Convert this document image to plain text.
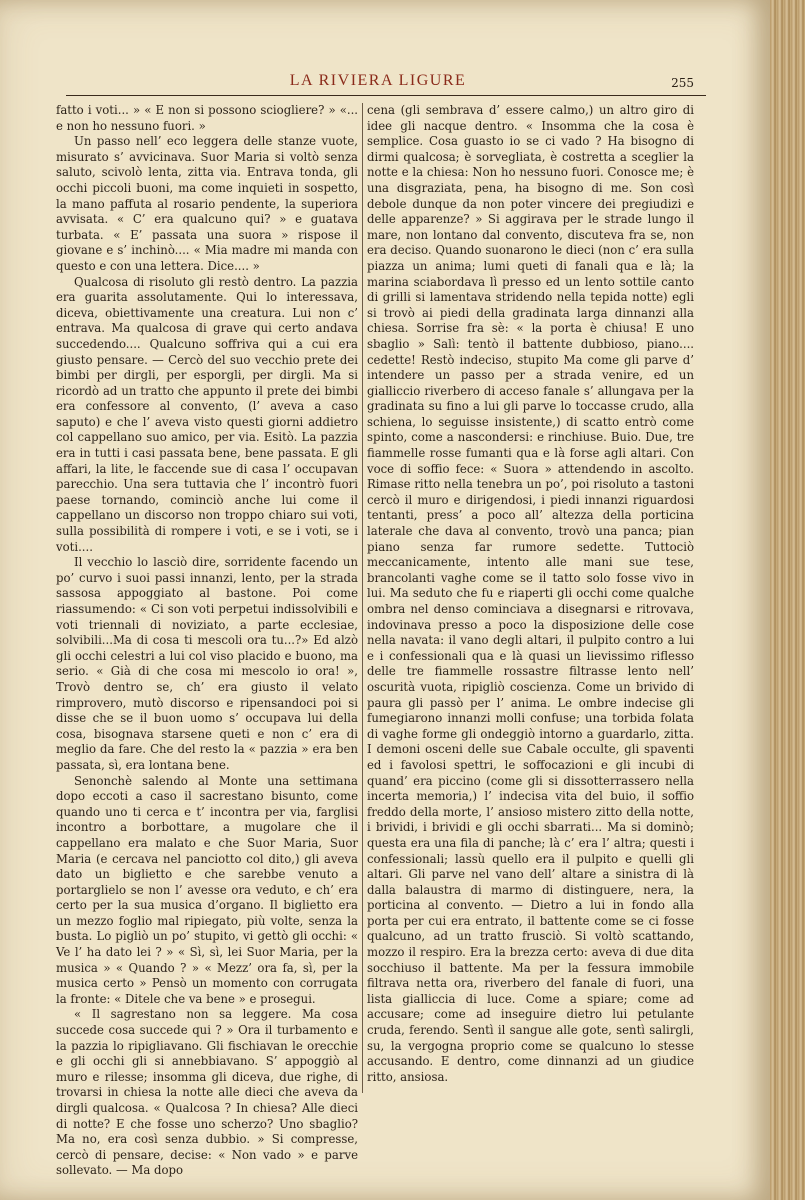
LA RIVIERA LIGURE	255

fatto i voti... » « E non si possono sciogliere? » «... e non ho nessuno fuori. »

Un passo nell’ eco leggera delle stanze vuote, misurato s’ avvicinava. Suor Maria si voltò senza saluto, scivolò lenta, zitta via. Entrava tonda, gli occhi piccoli buoni, ma come inquieti in sospetto, la mano paffuta al rosario pendente, la superiora avvisata. « C’ era qualcuno qui? » e guatava turbata. « E’ passata una suora » rispose il giovane e s’ inchinò.... « Mia madre mi manda con questo e con una lettera. Dice.... »

Qualcosa di risoluto gli restò dentro. La pazzia era guarita assolutamente. Qui lo interessava, diceva, obiettivamente una creatura. Lui non c’ entrava. Ma qualcosa di grave qui certo andava succedendo.... Qualcuno soffriva qui a cui era giusto pensare. — Cercò del suo vecchio prete dei bimbi per dirgli, per esporgli, per dirgli. Ma si ricordò ad un tratto che appunto il prete dei bimbi era confessore al convento, (l’ aveva a caso saputo) e che l’ aveva visto questi giorni addietro col cappellano suo amico, per via. Esitò. La pazzia era in tutti i casi passata bene, bene passata. E gli affari, la lite, le faccende sue di casa l’ occupavan parecchio. Una sera tuttavia che l’ incontrò fuori paese tornando, cominciò anche lui come il cappellano un discorso non troppo chiaro sui voti, sulla possibilità di rompere i voti, e se i voti, se i voti....

Il vecchio lo lasciò dire, sorridente facendo un po’ curvo i suoi passi innanzi, lento, per la strada sassosa appoggiato al bastone. Poi come riassumendo: « Ci son voti perpetui indissolvibili e voti triennali di noviziato, a parte ecclesiae, solvibili...Ma di cosa ti mescoli ora tu...?» Ed alzò gli occhi celestri a lui col viso placido e buono, ma serio. « Già di che cosa mi mescolo io ora! », Trovò dentro se, ch’ era giusto il velato rimprovero, mutò discorso e ripensandoci poi si disse che se il buon uomo s’ occupava lui della cosa, bisognava starsene queti e non c’ era di meglio da fare. Che del resto la « pazzia » era ben passata, sì, era lontana bene.

Senonchè salendo al Monte una settimana dopo eccoti a caso il sacrestano bisunto, come quando uno ti cerca e t’ incontra per via, farglisi incontro a borbottare, a mugolare che il cappellano era malato e che Suor Maria, Suor Maria (e cercava nel panciotto col dito,) gli aveva dato un biglietto e che sarebbe venuto a portarglielo se non l’ avesse ora veduto, e ch’ era certo per la sua musica d’organo. Il biglietto era un mezzo foglio mal ripiegato, più volte, senza la busta. Lo pigliò un po’ stupito, vi gettò gli occhi: « Ve l’ ha dato lei ? » « Sì, sì, lei Suor Maria, per la musica » « Quando ? » « Mezz’ ora fa, sì, per la musica certo » Pensò un momento con corrugata la fronte: « Ditele che va bene » e prosegui.

« Il sagrestano non sa leggere. Ma cosa succede cosa succede qui ? » Ora il turbamento e la pazzia lo ripigliavano. Gli fischiavan le orecchie e gli occhi gli si annebbiavano. S’ appoggiò al muro e rilesse; insomma gli diceva, due righe, di trovarsi in chiesa la notte alle dieci che aveva da dirgli qualcosa. « Qualcosa ? In chiesa? Alle dieci di notte? E che fosse uno scherzo? Uno sbaglio? Ma no, era così senza dubbio. » Si compresse, cercò di pensare, decise: « Non vado » e parve sollevato. — Ma dopo

cena (gli sembrava d’ essere calmo,) un altro giro di idee gli nacque dentro. « Insomma che la cosa è semplice. Cosa guasto io se ci vado ? Ha bisogno di dirmi qualcosa; è sorvegliata, è costretta a sceglier la notte e la chiesa: Non ho nessuno fuori. Conosce me; è una disgraziata, pena, ha bisogno di me. Son così debole dunque da non poter vincere dei pregiudizi e delle apparenze? » Si aggirava per le strade lungo il mare, non lontano dal convento, discuteva fra se, non era deciso. Quando suonarono le dieci (non c’ era sulla piazza un anima; lumi queti di fanali qua e là; la marina sciabordava lì presso ed un lento sottile canto di grilli si lamentava stridendo nella tepida notte) egli si trovò ai piedi della gradinata larga dinnanzi alla chiesa. Sorrise fra sè: « la porta è chiusa! E uno sbaglio » Salì: tentò il battente dubbioso, piano.... cedette! Restò indeciso, stupito Ma come gli parve d’ intendere un passo per a strada venire, ed un gialliccio riverbero di acceso fanale s’ allungava per la gradinata su fino a lui gli parve lo toccasse crudo, alla schiena, lo seguisse insistente,) di scatto entrò come spinto, come a nascondersi: e rinchiuse. Buio. Due, tre fiammelle rosse fumanti qua e là forse agli altari. Con voce di soffio fece: « Suora » attendendo in ascolto. Rimase ritto nella tenebra un po’, poi risoluto a tastoni cercò il muro e dirigendosi, i piedi innanzi riguardosi tentanti, press’ a poco all’ altezza della porticina laterale che dava al convento, trovò una panca; pian piano senza far rumore sedette. Tuttociò meccanicamente, intento alle mani sue tese, brancolanti vaghe come se il tatto solo fosse vivo in lui. Ma seduto che fu e riaperti gli occhi come qualche ombra nel denso cominciava a disegnarsi e ritrovava, indovinava presso a poco la disposizione delle cose nella navata: il vano degli altari, il pulpito contro a lui e i confessionali qua e là quasi un lievissimo riflesso delle tre fiammelle rossastre filtrasse lento nell’ oscurità vuota, ripigliò coscienza. Come un brivido di paura gli passò per l’ anima. Le ombre indecise gli fumegiarono innanzi molli confuse; una torbida folata di vaghe forme gli ondeggiò intorno a guardarlo, zitta. I demoni osceni delle sue Cabale occulte, gli spaventi ed i favolosi spettri, le soffocazioni e gli incubi di quand’ era piccino (come gli si dissotterrassero nella incerta memoria,) l’ indecisa vita del buio, il soffio freddo della morte, l’ ansioso mistero zitto della notte, i brividi, i brividi e gli occhi sbarrati... Ma si dominò; questa era una fila di panche; là c’ era l’ altra; questi i confessionali; lassù quello era il pulpito e quelli gli altari. Gli parve nel vano dell’ altare a sinistra di là dalla balaustra di marmo di distinguere, nera, la porticina al convento. — Dietro a lui in fondo alla porta per cui era entrato, il battente come se ci fosse qualcuno, ad un tratto frusciò. Si voltò scattando, mozzo il respiro. Era la brezza certo: aveva di due dita socchiuso il battente. Ma per la fessura immobile filtrava netta ora, riverbero del fanale di fuori, una lista gialliccia di luce. Come a spiare; come ad accusare; come ad inseguire dietro lui petulante cruda, ferendo. Sentì il sangue alle gote, sentì salirgli, su, la vergogna proprio come se qualcuno lo stesse accusando. E dentro, come dinnanzi ad un giudice ritto, ansiosa.
